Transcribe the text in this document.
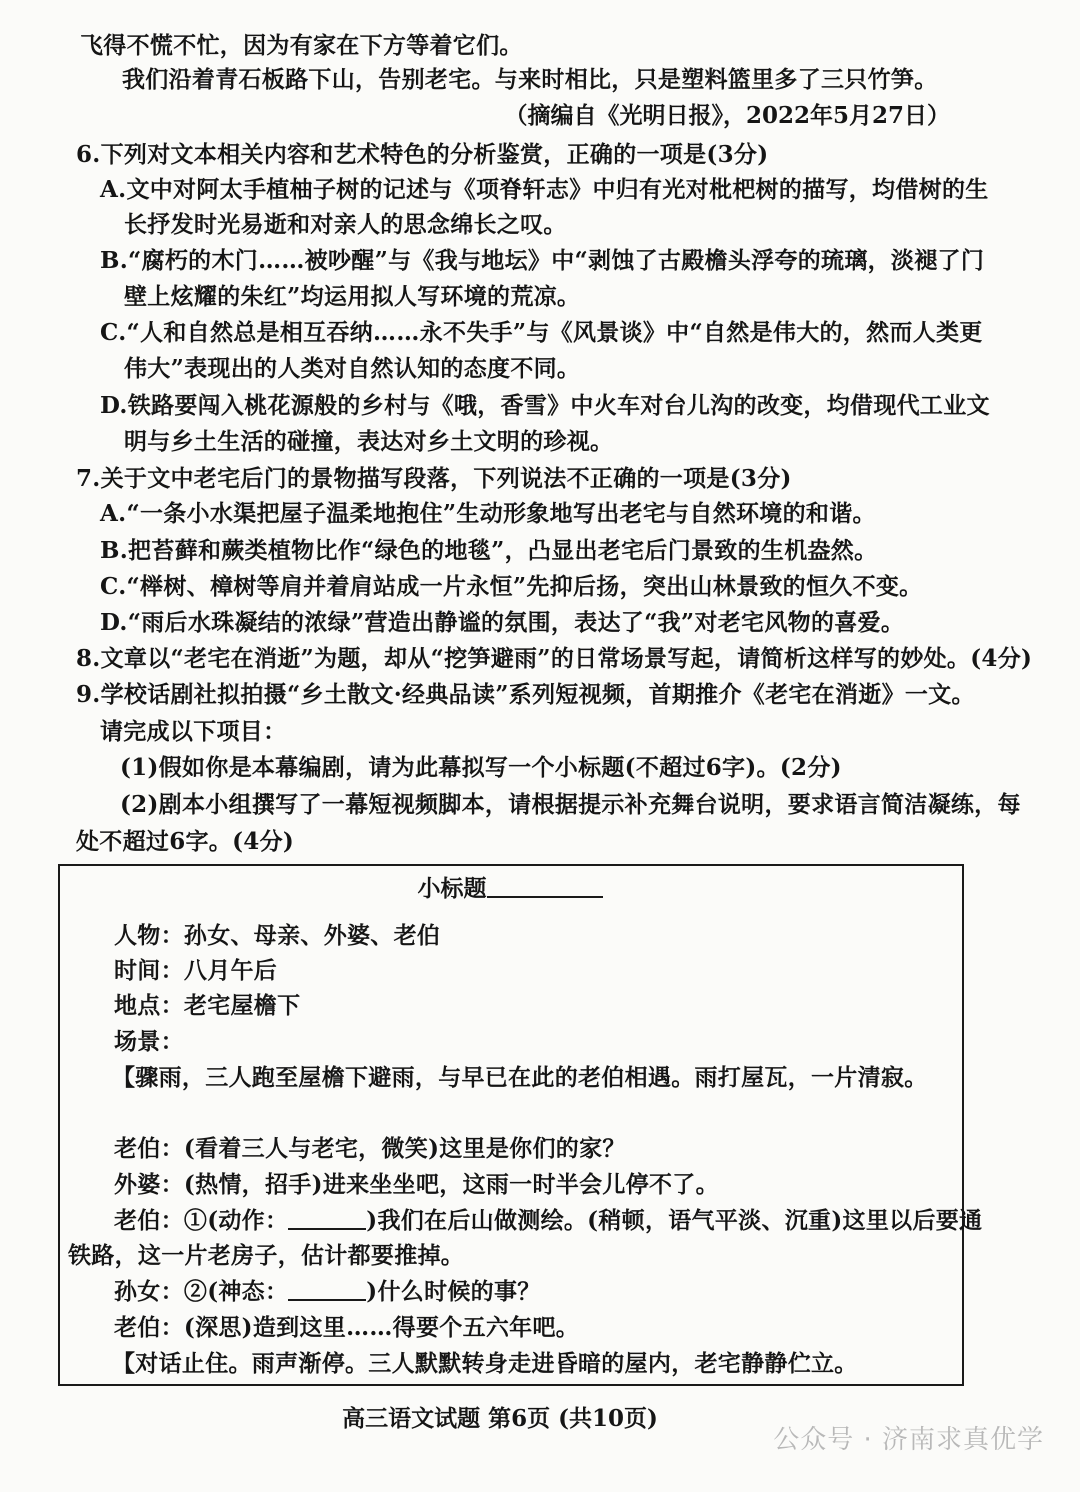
飞得不慌不忙，因为有家在下方等着它们。
我们沿着青石板路下山，告别老宅。与来时相比，只是塑料篮里多了三只竹笋。
（摘编自《光明日报》，2022年5月27日）
6.下列对文本相关内容和艺术特色的分析鉴赏，正确的一项是(3分)
A.文中对阿太手植柚子树的记述与《项脊轩志》中归有光对枇杷树的描写，均借树的生
长抒发时光易逝和对亲人的思念绵长之叹。
B.“腐朽的木门……被吵醒”与《我与地坛》中“剥蚀了古殿檐头浮夸的琉璃，淡褪了门
壁上炫耀的朱红”均运用拟人写环境的荒凉。
C.“人和自然总是相互吞纳……永不失手”与《风景谈》中“自然是伟大的，然而人类更
伟大”表现出的人类对自然认知的态度不同。
D.铁路要闯入桃花源般的乡村与《哦，香雪》中火车对台儿沟的改变，均借现代工业文
明与乡土生活的碰撞，表达对乡土文明的珍视。
7.关于文中老宅后门的景物描写段落，下列说法不正确的一项是(3分)
A.“一条小水渠把屋子温柔地抱住”生动形象地写出老宅与自然环境的和谐。
B.把苔藓和蕨类植物比作“绿色的地毯”，凸显出老宅后门景致的生机盎然。
C.“榉树、樟树等肩并着肩站成一片永恒”先抑后扬，突出山林景致的恒久不变。
D.“雨后水珠凝结的浓绿”营造出静谧的氛围，表达了“我”对老宅风物的喜爱。
8.文章以“老宅在消逝”为题，却从“挖笋避雨”的日常场景写起，请简析这样写的妙处。(4分)
9.学校话剧社拟拍摄“乡土散文·经典品读”系列短视频，首期推介《老宅在消逝》一文。
请完成以下项目：
(1)假如你是本幕编剧，请为此幕拟写一个小标题(不超过6字)。(2分)
(2)剧本小组撰写了一幕短视频脚本，请根据提示补充舞台说明，要求语言简洁凝练，每
处不超过6字。(4分)
小标题
人物：孙女、母亲、外婆、老伯
时间：八月午后
地点：老宅屋檐下
场景：
【骤雨，三人跑至屋檐下避雨，与早已在此的老伯相遇。雨打屋瓦，一片清寂。
老伯：(看着三人与老宅，微笑)这里是你们的家？
外婆：(热情，招手)进来坐坐吧，这雨一时半会儿停不了。
老伯：①(动作：	)我们在后山做测绘。(稍顿，语气平淡、沉重)这里以后要通
铁路，这一片老房子，估计都要推掉。
孙女：②(神态：	)什么时候的事？
老伯：(深思)造到这里……得要个五六年吧。
【对话止住。雨声渐停。三人默默转身走进昏暗的屋内，老宅静静伫立。
高三语文试题 第6页 (共10页)
公众号 · 济南求真优学
